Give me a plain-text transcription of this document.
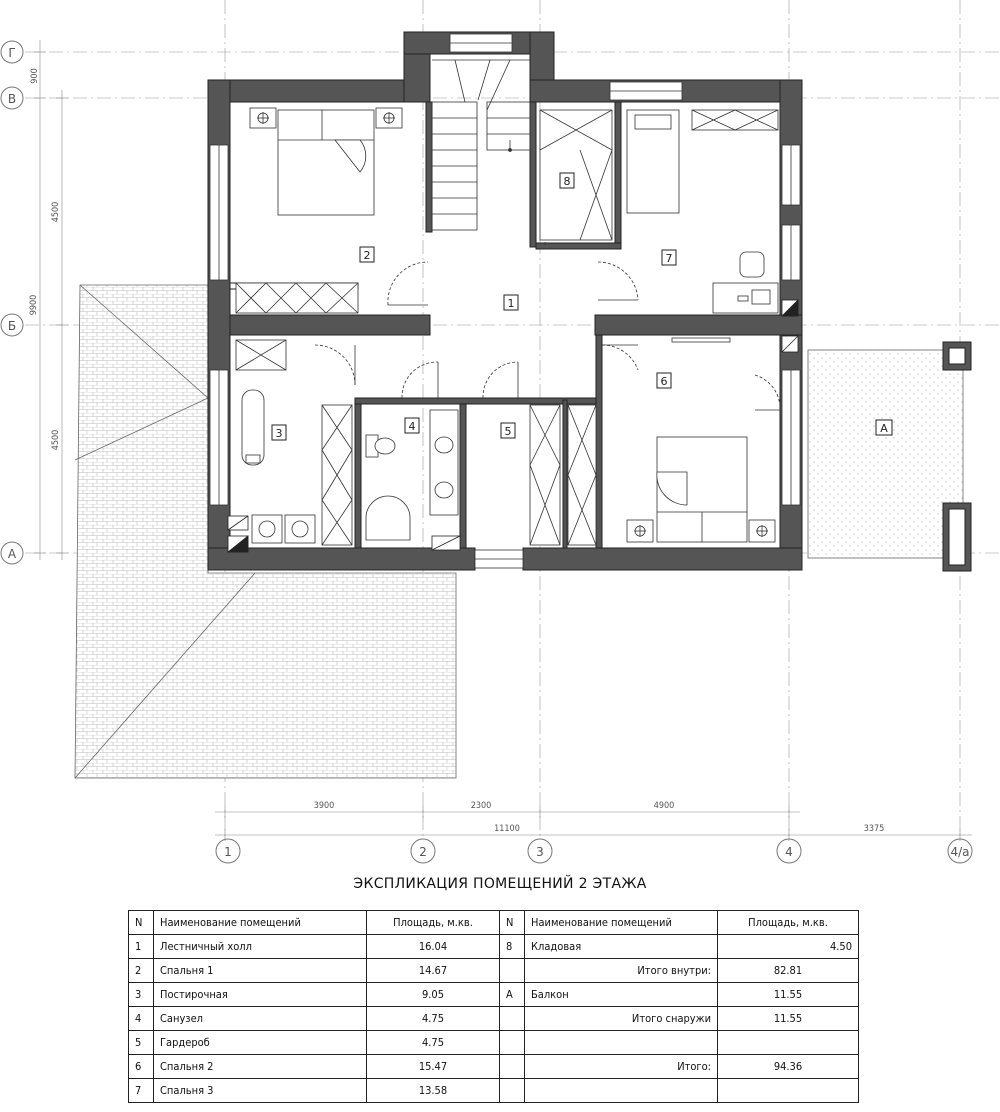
1
2
3
4	5
6
7
8
A
Г
В
Б
А
1	2	3	4	4/a
900
4500
9900
4500
3900	2300	4900
3375
11100
ЭКСПЛИКАЦИЯ ПОМЕЩЕНИЙ 2 ЭТАЖА
N	Наименование помещений	Площадь, м.кв.	N	Наименование помещений	Площадь, м.кв.
1	Лестничный холл	16.04	8	Кладовая	4.50
2	Спальня 1	14.67		Итого внутри:	82.81
3	Постирочная	9.05	A	Балкон	11.55
4	Санузел	4.75		Итого снаружи	11.55
5	Гардероб	4.75			
6	Спальня 2	15.47		Итого:	94.36
7	Спальня 3	13.58			
